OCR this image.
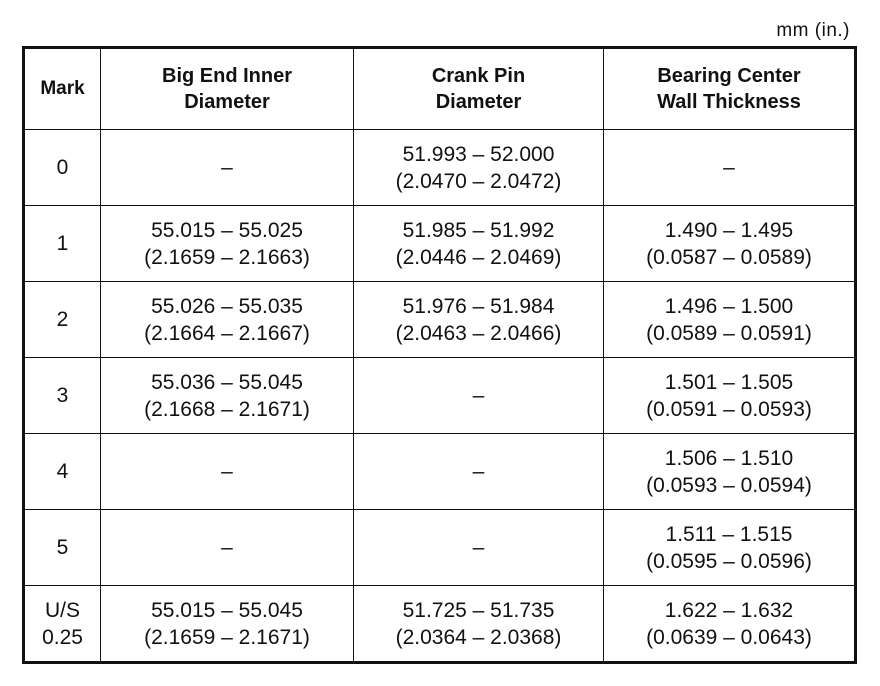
mm (in.)
Mark	Big End Inner
Diameter	Crank Pin
Diameter	Bearing Center
Wall Thickness

0	–	51.993 – 52.000
(2.0470 – 2.0472)	–

1	55.015 – 55.025
(2.1659 – 2.1663)	51.985 – 51.992
(2.0446 – 2.0469)	1.490 – 1.495
(0.0587 – 0.0589)

2	55.026 – 55.035
(2.1664 – 2.1667)	51.976 – 51.984
(2.0463 – 2.0466)	1.496 – 1.500
(0.0589 – 0.0591)

3	55.036 – 55.045
(2.1668 – 2.1671)	–	1.501 – 1.505
(0.0591 – 0.0593)

4	–	–	1.506 – 1.510
(0.0593 – 0.0594)

5	–	–	1.511 – 1.515
(0.0595 – 0.0596)

U/S
0.25	55.015 – 55.045
(2.1659 – 2.1671)	51.725 – 51.735
(2.0364 – 2.0368)	1.622 – 1.632
(0.0639 – 0.0643)
